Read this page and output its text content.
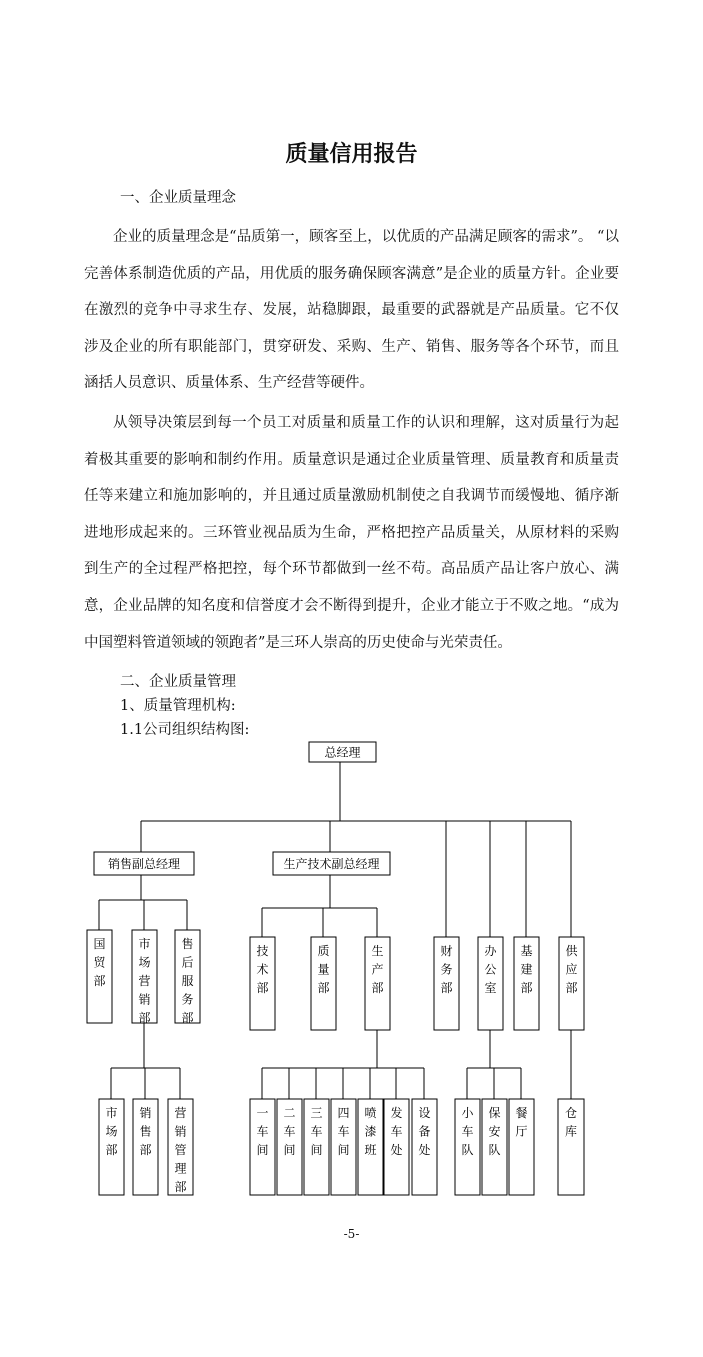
质量信用报告
一、企业质量理念

企业的质量理念是“品质第一，顾客至上，以优质的产品满足顾客的需求”。 “以完善体系制造优质的产品，用优质的服务确保顾客满意”是企业的质量方针。企业要在激烈的竞争中寻求生存、发展，站稳脚跟，最重要的武器就是产品质量。它不仅涉及企业的所有职能部门，贯穿研发、采购、生产、销售、服务等各个环节，而且涵括人员意识、质量体系、生产经营等硬件。

从领导决策层到每一个员工对质量和质量工作的认识和理解，这对质量行为起着极其重要的影响和制约作用。质量意识是通过企业质量管理、质量教育和质量责任等来建立和施加影响的，并且通过质量激励机制使之自我调节而缓慢地、循序渐进地形成起来的。三环管业视品质为生命，严格把控产品质量关，从原材料的采购到生产的全过程严格把控，每个环节都做到一丝不苟。高品质产品让客户放心、满意，企业品牌的知名度和信誉度才会不断得到提升，企业才能立于不败之地。“成为中国塑料管道领域的领跑者”是三环人崇高的历史使命与光荣责任。

二、企业质量管理
1、质量管理机构:
1.1公司组织结构图:
总经理
销售副总经理	生产技术副总经理
财务部
办公室
基建部
供应部
国贸部
市场营销部
售后服务部
技术部
质量部
生产部
市场部
销售部
营销管理部
一车间
二车间
三车间
四车间
喷漆班
发车处
设备处
小车队
保安队
餐厅
仓库
-5-
